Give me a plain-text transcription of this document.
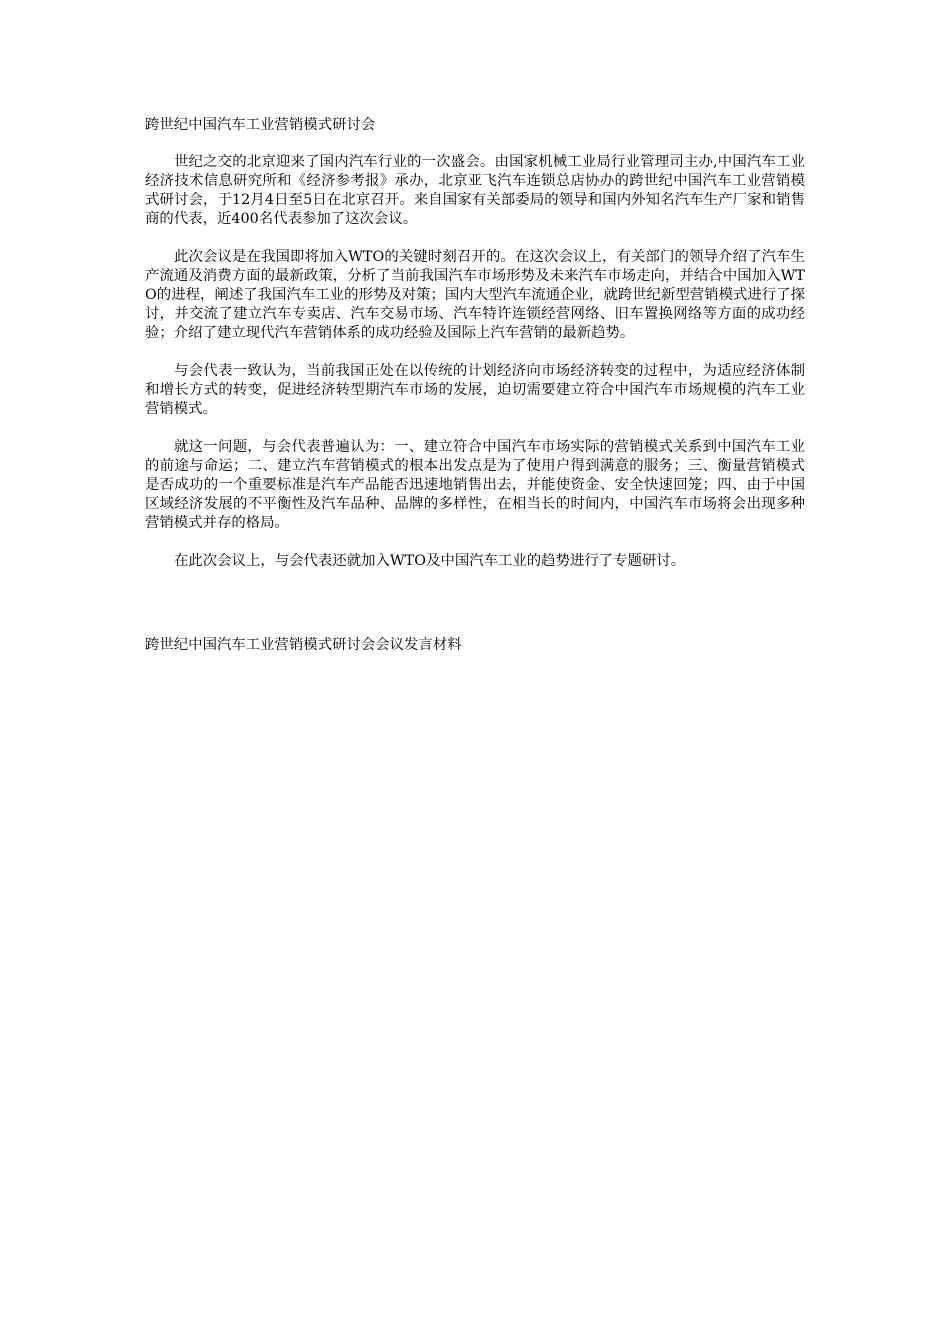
跨世纪中国汽车工业营销模式研讨会

世纪之交的北京迎来了国内汽车行业的一次盛会。由国家机械工业局行业管理司主办,中国汽车工业经济技术信息研究所和《经济参考报》承办，北京亚飞汽车连锁总店协办的跨世纪中国汽车工业营销模式研讨会，于12月4日至5日在北京召开。来自国家有关部委局的领导和国内外知名汽车生产厂家和销售商的代表，近400名代表参加了这次会议。

此次会议是在我国即将加入WTO的关键时刻召开的。在这次会议上，有关部门的领导介绍了汽车生产流通及消费方面的最新政策，分析了当前我国汽车市场形势及未来汽车市场走向，并结合中国加入WTO的进程，阐述了我国汽车工业的形势及对策；国内大型汽车流通企业，就跨世纪新型营销模式进行了探讨，并交流了建立汽车专卖店、汽车交易市场、汽车特许连锁经营网络、旧车置换网络等方面的成功经验；介绍了建立现代汽车营销体系的成功经验及国际上汽车营销的最新趋势。

与会代表一致认为，当前我国正处在以传统的计划经济向市场经济转变的过程中，为适应经济体制和增长方式的转变，促进经济转型期汽车市场的发展，迫切需要建立符合中国汽车市场规模的汽车工业营销模式。

就这一问题，与会代表普遍认为：一、建立符合中国汽车市场实际的营销模式关系到中国汽车工业的前途与命运；二、建立汽车营销模式的根本出发点是为了使用户得到满意的服务；三、衡量营销模式是否成功的一个重要标准是汽车产品能否迅速地销售出去，并能使资金、安全快速回笼；四、由于中国区域经济发展的不平衡性及汽车品种、品牌的多样性，在相当长的时间内，中国汽车市场将会出现多种营销模式并存的格局。

在此次会议上，与会代表还就加入WTO及中国汽车工业的趋势进行了专题研讨。

跨世纪中国汽车工业营销模式研讨会会议发言材料
